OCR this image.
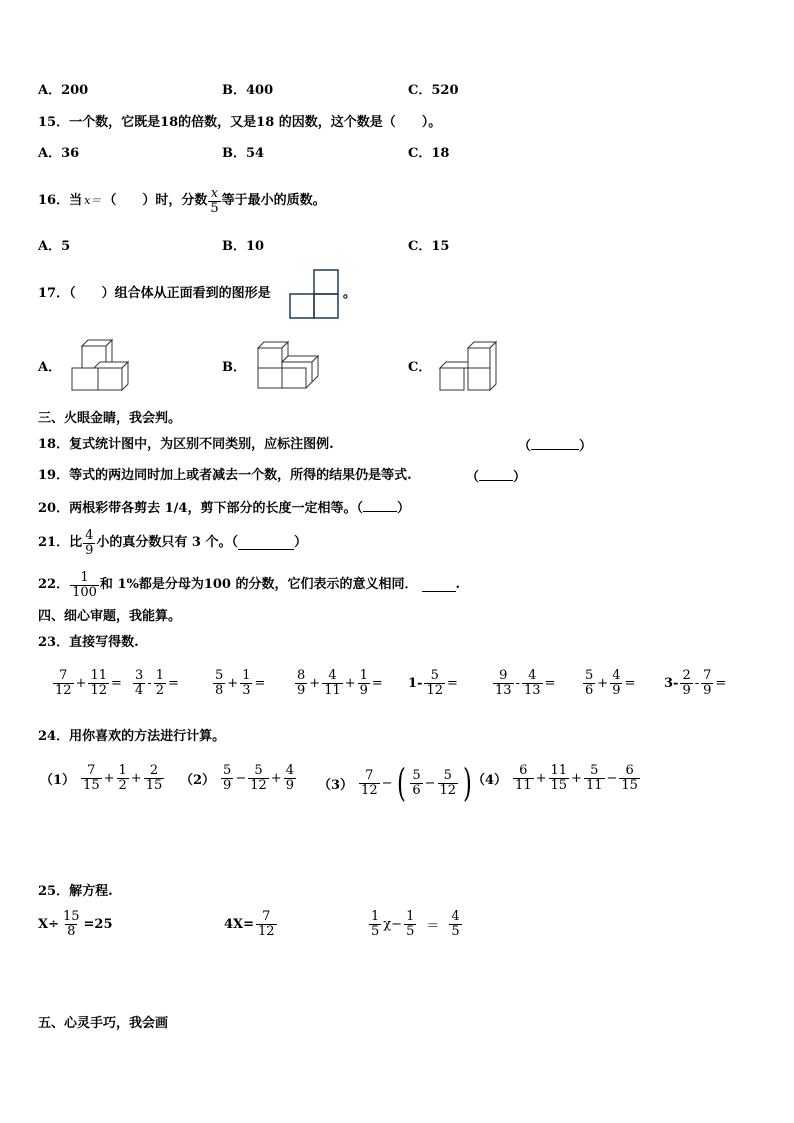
A．200	B．400	C．520
15．一个数，它既是18的倍数，又是18 的因数，这个数是（　　）。
A．36	B．54	C．18
16．当 x＝ （　　）时，分数 $\frac{x}{5}$ 等于最小的质数。
A．5	B．10	C．15
17．（　　）组合体从正面看到的图形是	。
A．	B．	C．
三、火眼金睛，我会判。
18．复式统计图中，为区别不同类别，应标注图例.	（	）
19．等式的两边同时加上或者减去一个数，所得的结果仍是等式.	（	）
20．两根彩带各剪去 1/4，剪下部分的长度一定相等。（	）
21．比 $\frac{4}{9}$ 小的真分数只有 3 个。（	）
22． $\frac{1}{100}$ 和 1%都是分母为100 的分数，它们表示的意义相同．	.
四、细心审题，我能算。
23．直接写得数.
$\frac{7}{12} + \frac{11}{12} = \frac{3}{4} - \frac{1}{2}$ =	$\frac{5}{8} + \frac{1}{3} = \frac{8}{9} + \frac{4}{11} + \frac{1}{9} = 1- \frac{5}{12}$ =	$\frac{9}{13} - \frac{4}{13} = \frac{5}{6} + \frac{4}{9} = 3- \frac{2}{9} - \frac{7}{9}$ =
24．用你喜欢的方法进行计算。
$(1) \frac{7}{15} + \frac{1}{2} + \frac{2}{15} (2) \frac{5}{9} - \frac{5}{12} + \frac{4}{9} (3) \frac{7}{12}$ − ( $\frac{5}{6} - \frac{5}{12}$ ) $(4) \frac{6}{11} + \frac{11}{15} + \frac{5}{11} - \frac{6}{15}$
25．解方程.
$X\div \frac{15}{8} =25$	$4X= \frac{7}{12}$	$\frac{1}{5} \chi- \frac{1}{5} = \frac{4}{5}$
五、心灵手巧，我会画
